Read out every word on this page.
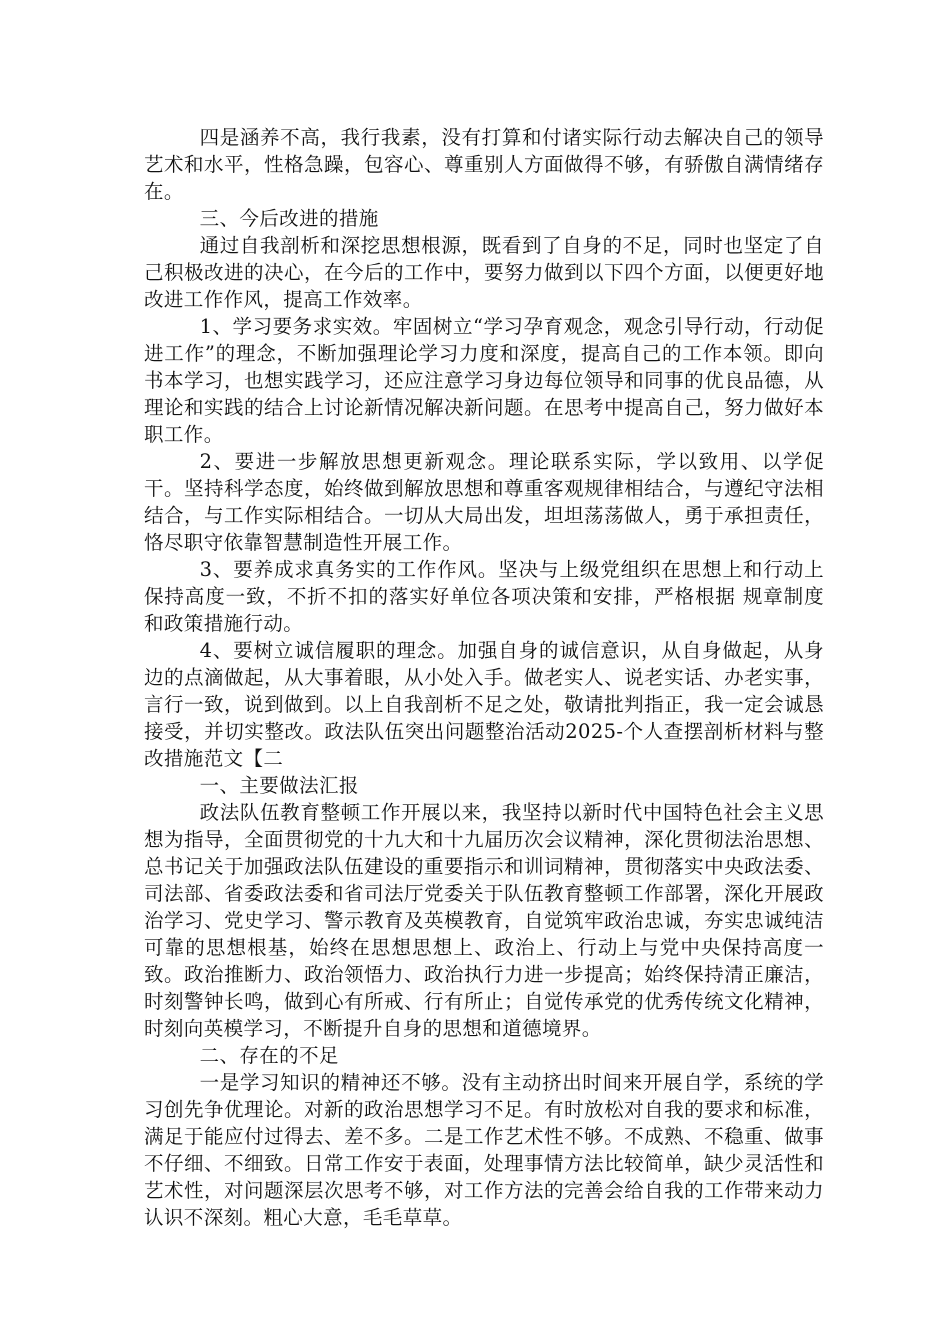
四是涵养不高，我行我素，没有打算和付诸实际行动去解决自己的领导艺术和水平，性格急躁，包容心、尊重别人方面做得不够，有骄傲自满情绪存在。

三、今后改进的措施

通过自我剖析和深挖思想根源，既看到了自身的不足，同时也坚定了自己积极改进的决心，在今后的工作中，要努力做到以下四个方面，以便更好地改进工作作风，提高工作效率。

1、学习要务求实效。牢固树立“学习孕育观念，观念引导行动，行动促进工作”的理念，不断加强理论学习力度和深度，提高自己的工作本领。即向书本学习，也想实践学习，还应注意学习身边每位领导和同事的优良品德，从理论和实践的结合上讨论新情况解决新问题。在思考中提高自己，努力做好本职工作。

2、要进一步解放思想更新观念。理论联系实际，学以致用、以学促干。坚持科学态度，始终做到解放思想和尊重客观规律相结合，与遵纪守法相结合，与工作实际相结合。一切从大局出发，坦坦荡荡做人，勇于承担责任，恪尽职守依靠智慧制造性开展工作。

3、要养成求真务实的工作作风。坚决与上级党组织在思想上和行动上保持高度一致，不折不扣的落实好单位各项决策和安排，严格根据 规章制度和政策措施行动。

4、要树立诚信履职的理念。加强自身的诚信意识，从自身做起，从身边的点滴做起，从大事着眼，从小处入手。做老实人、说老实话、办老实事，言行一致，说到做到。以上自我剖析不足之处，敬请批判指正，我一定会诚恳接受，并切实整改。政法队伍突出问题整治活动2025-个人查摆剖析材料与整改措施范文【二

一、主要做法汇报

政法队伍教育整顿工作开展以来，我坚持以新时代中国特色社会主义思想为指导，全面贯彻党的十九大和十九届历次会议精神，深化贯彻法治思想、总书记关于加强政法队伍建设的重要指示和训词精神，贯彻落实中央政法委、司法部、省委政法委和省司法厅党委关于队伍教育整顿工作部署，深化开展政治学习、党史学习、警示教育及英模教育，自觉筑牢政治忠诚，夯实忠诚纯洁可靠的思想根基，始终在思想思想上、政治上、行动上与党中央保持高度一致。政治推断力、政治领悟力、政治执行力进一步提高；始终保持清正廉洁，时刻警钟长鸣，做到心有所戒、行有所止；自觉传承党的优秀传统文化精神，时刻向英模学习，不断提升自身的思想和道德境界。

二、存在的不足

一是学习知识的精神还不够。没有主动挤出时间来开展自学，系统的学习创先争优理论。对新的政治思想学习不足。有时放松对自我的要求和标准，满足于能应付过得去、差不多。二是工作艺术性不够。不成熟、不稳重、做事不仔细、不细致。日常工作安于表面，处理事情方法比较简单，缺少灵活性和艺术性，对问题深层次思考不够，对工作方法的完善会给自我的工作带来动力认识不深刻。粗心大意，毛毛草草。
